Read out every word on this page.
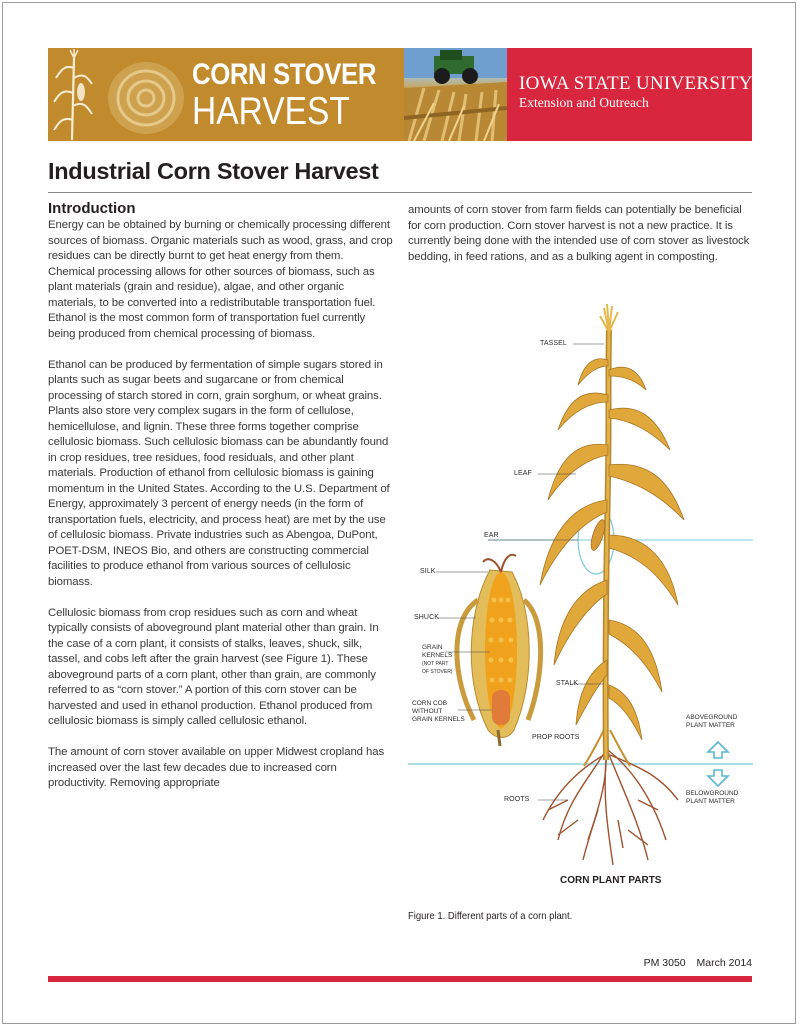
CORN STOVER
HARVEST
IOWA STATE UNIVERSITY
Extension and Outreach
Industrial Corn Stover Harvest
Introduction

Energy can be obtained by burning or chemically processing different sources of biomass. Organic materials such as wood, grass, and crop residues can be directly burnt to get heat energy from them. Chemical processing allows for other sources of biomass, such as plant materials (grain and residue), algae, and other organic materials, to be converted into a redistributable transportation fuel. Ethanol is the most common form of transportation fuel currently being produced from chemical processing of biomass.

Ethanol can be produced by fermentation of simple sugars stored in plants such as sugar beets and sugarcane or from chemical processing of starch stored in corn, grain sorghum, or wheat grains. Plants also store very complex sugars in the form of cellulose, hemicellulose, and lignin. These three forms together comprise cellulosic biomass. Such cellulosic biomass can be abundantly found in crop residues, tree residues, food residuals, and other plant materials. Production of ethanol from cellulosic biomass is gaining momentum in the United States. According to the U.S. Department of Energy, approximately 3 percent of energy needs (in the form of transportation fuels, electricity, and process heat) are met by the use of cellulosic biomass. Private industries such as Abengoa, DuPont, POET-DSM, INEOS Bio, and others are constructing commercial facilities to produce ethanol from various sources of cellulosic biomass.

Cellulosic biomass from crop residues such as corn and wheat typically consists of aboveground plant material other than grain. In the case of a corn plant, it consists of stalks, leaves, shuck, silk, tassel, and cobs left after the grain harvest (see Figure 1). These aboveground parts of a corn plant, other than grain, are commonly referred to as “corn stover.” A portion of this corn stover can be harvested and used in ethanol production. Ethanol produced from cellulosic biomass is simply called cellulosic ethanol.

The amount of corn stover available on upper Midwest cropland has increased over the last few decades due to increased corn productivity. Removing appropriate

amounts of corn stover from farm fields can potentially be beneficial for corn production. Corn stover harvest is not a new practice. It is currently being done with the intended use of corn stover as livestock bedding, in feed rations, and as a bulking agent in composting.

TASSEL
LEAF
EAR
SILK
SHUCK
GRAIN
KERNELS
(NOT PART
OF STOVER)
CORN COB
WITHOUT
GRAIN KERNELS
STALK
PROP ROOTS
ROOTS
ABOVEGROUND
PLANT MATTER
BELOWGROUND
PLANT MATTER
CORN PLANT PARTS
Figure 1. Different parts of a corn plant.
PM 3050 March 2014
